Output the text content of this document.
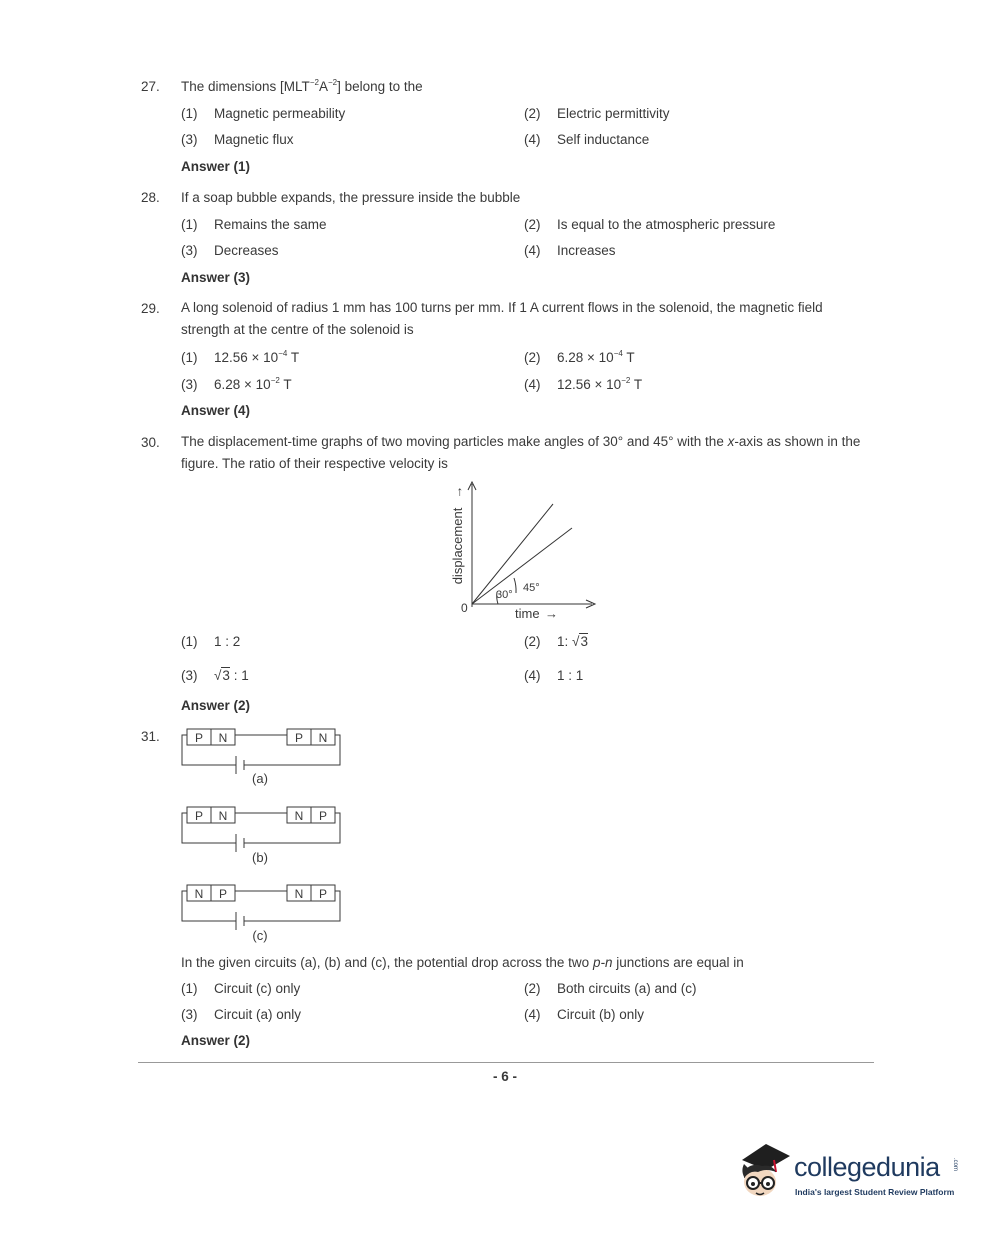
27. The dimensions $[MLT^{-2}A^{-2}]$ belong to the
(1) Magnetic permeability	(2) Electric permittivity
(3) Magnetic flux	(4) Self inductance
Answer (1)
28. If a soap bubble expands, the pressure inside the bubble
(1) Remains the same	(2) Is equal to the atmospheric pressure
(3) Decreases	(4) Increases
Answer (3)
29. A long solenoid of radius 1 mm has 100 turns per mm. If 1 A current flows in the solenoid, the magnetic field strength at the centre of the solenoid is
(1) $12.56 \times 10^{-4}$ T	(2) $6.28 \times 10^{-4}$ T
(3) $6.28 \times 10^{-2}$ T	(4) $12.56 \times 10^{-2}$ T
Answer (4)
30. The displacement-time graphs of two moving particles make angles of 30° and 45° with the x-axis as shown in the figure. The ratio of their respective velocity is
displacement
→
0
30°
45°
time →
(1) 1 : 2	(2) 1: √3
(3) √3 : 1	(4) 1 : 1
Answer (2)
31.	P N	P N
(a)
P N	N P
(b)
N P	N P
(c)
In the given circuits (a), (b) and (c), the potential drop across the two p-n junctions are equal in
(1) Circuit (c) only	(2) Both circuits (a) and (c)
(3) Circuit (a) only	(4) Circuit (b) only
Answer (2)
- 6 -
collegedunia .com
India's largest Student Review Platform
